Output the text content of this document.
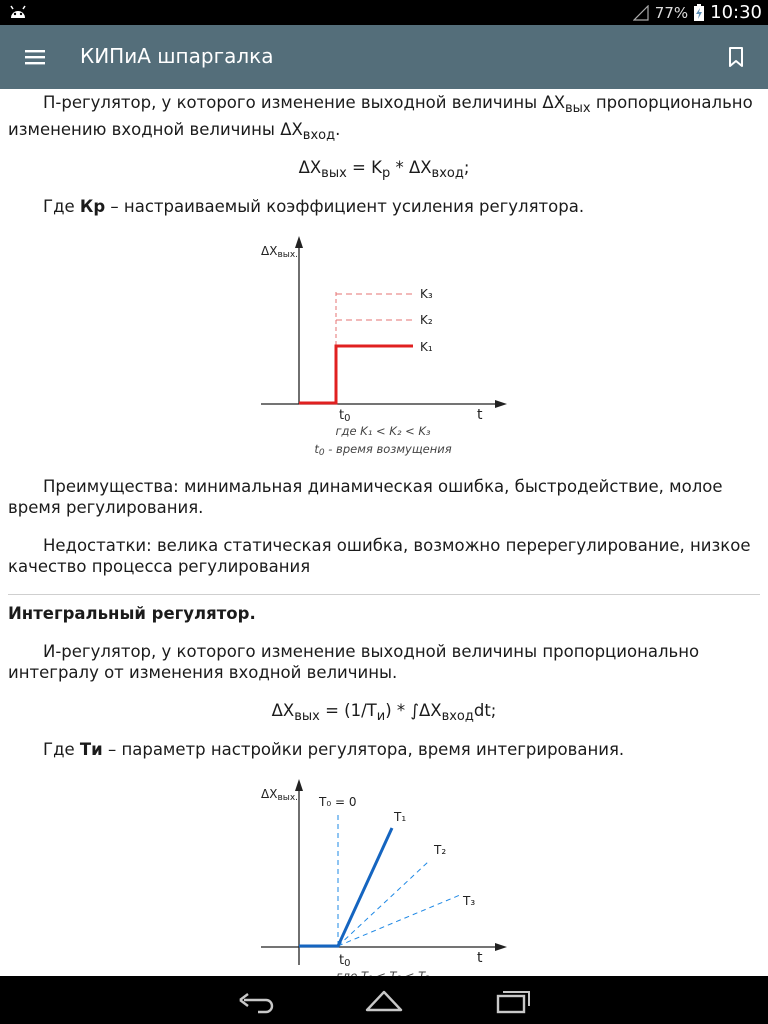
77% 10:30
КИПиА шпаргалка

П-регулятор, у которого изменение выходной величины $\Delta X_{вых}$ пропорционально изменению входной величины $\Delta X_{вход}$.

$\Delta X_{вых} = K_р * \Delta X_{вход}$;

Где Кр – настраиваемый коэффициент усиления регулятора.

ΔXвых.
t
t0
K₃
K₂
K₁
где K₁ < K₂ < K₃
t0 - время возмущения

Преимущества: минимальная динамическая ошибка, быстродействие, молое время регулирования.

Недостатки: велика статическая ошибка, возможно перерегулирование, низкое качество процесса регулирования

Интегральный регулятор.

И-регулятор, у которого изменение выходной величины пропорционально интегралу от изменения входной величины.

$\Delta X_{вых} = (1/T_и) * \int\Delta X_{вход}dt$;

Где Ти – параметр настройки регулятора, время интегрирования.

ΔXвых.
t
t0
T₀ = 0
T₁
T₂
T₃
